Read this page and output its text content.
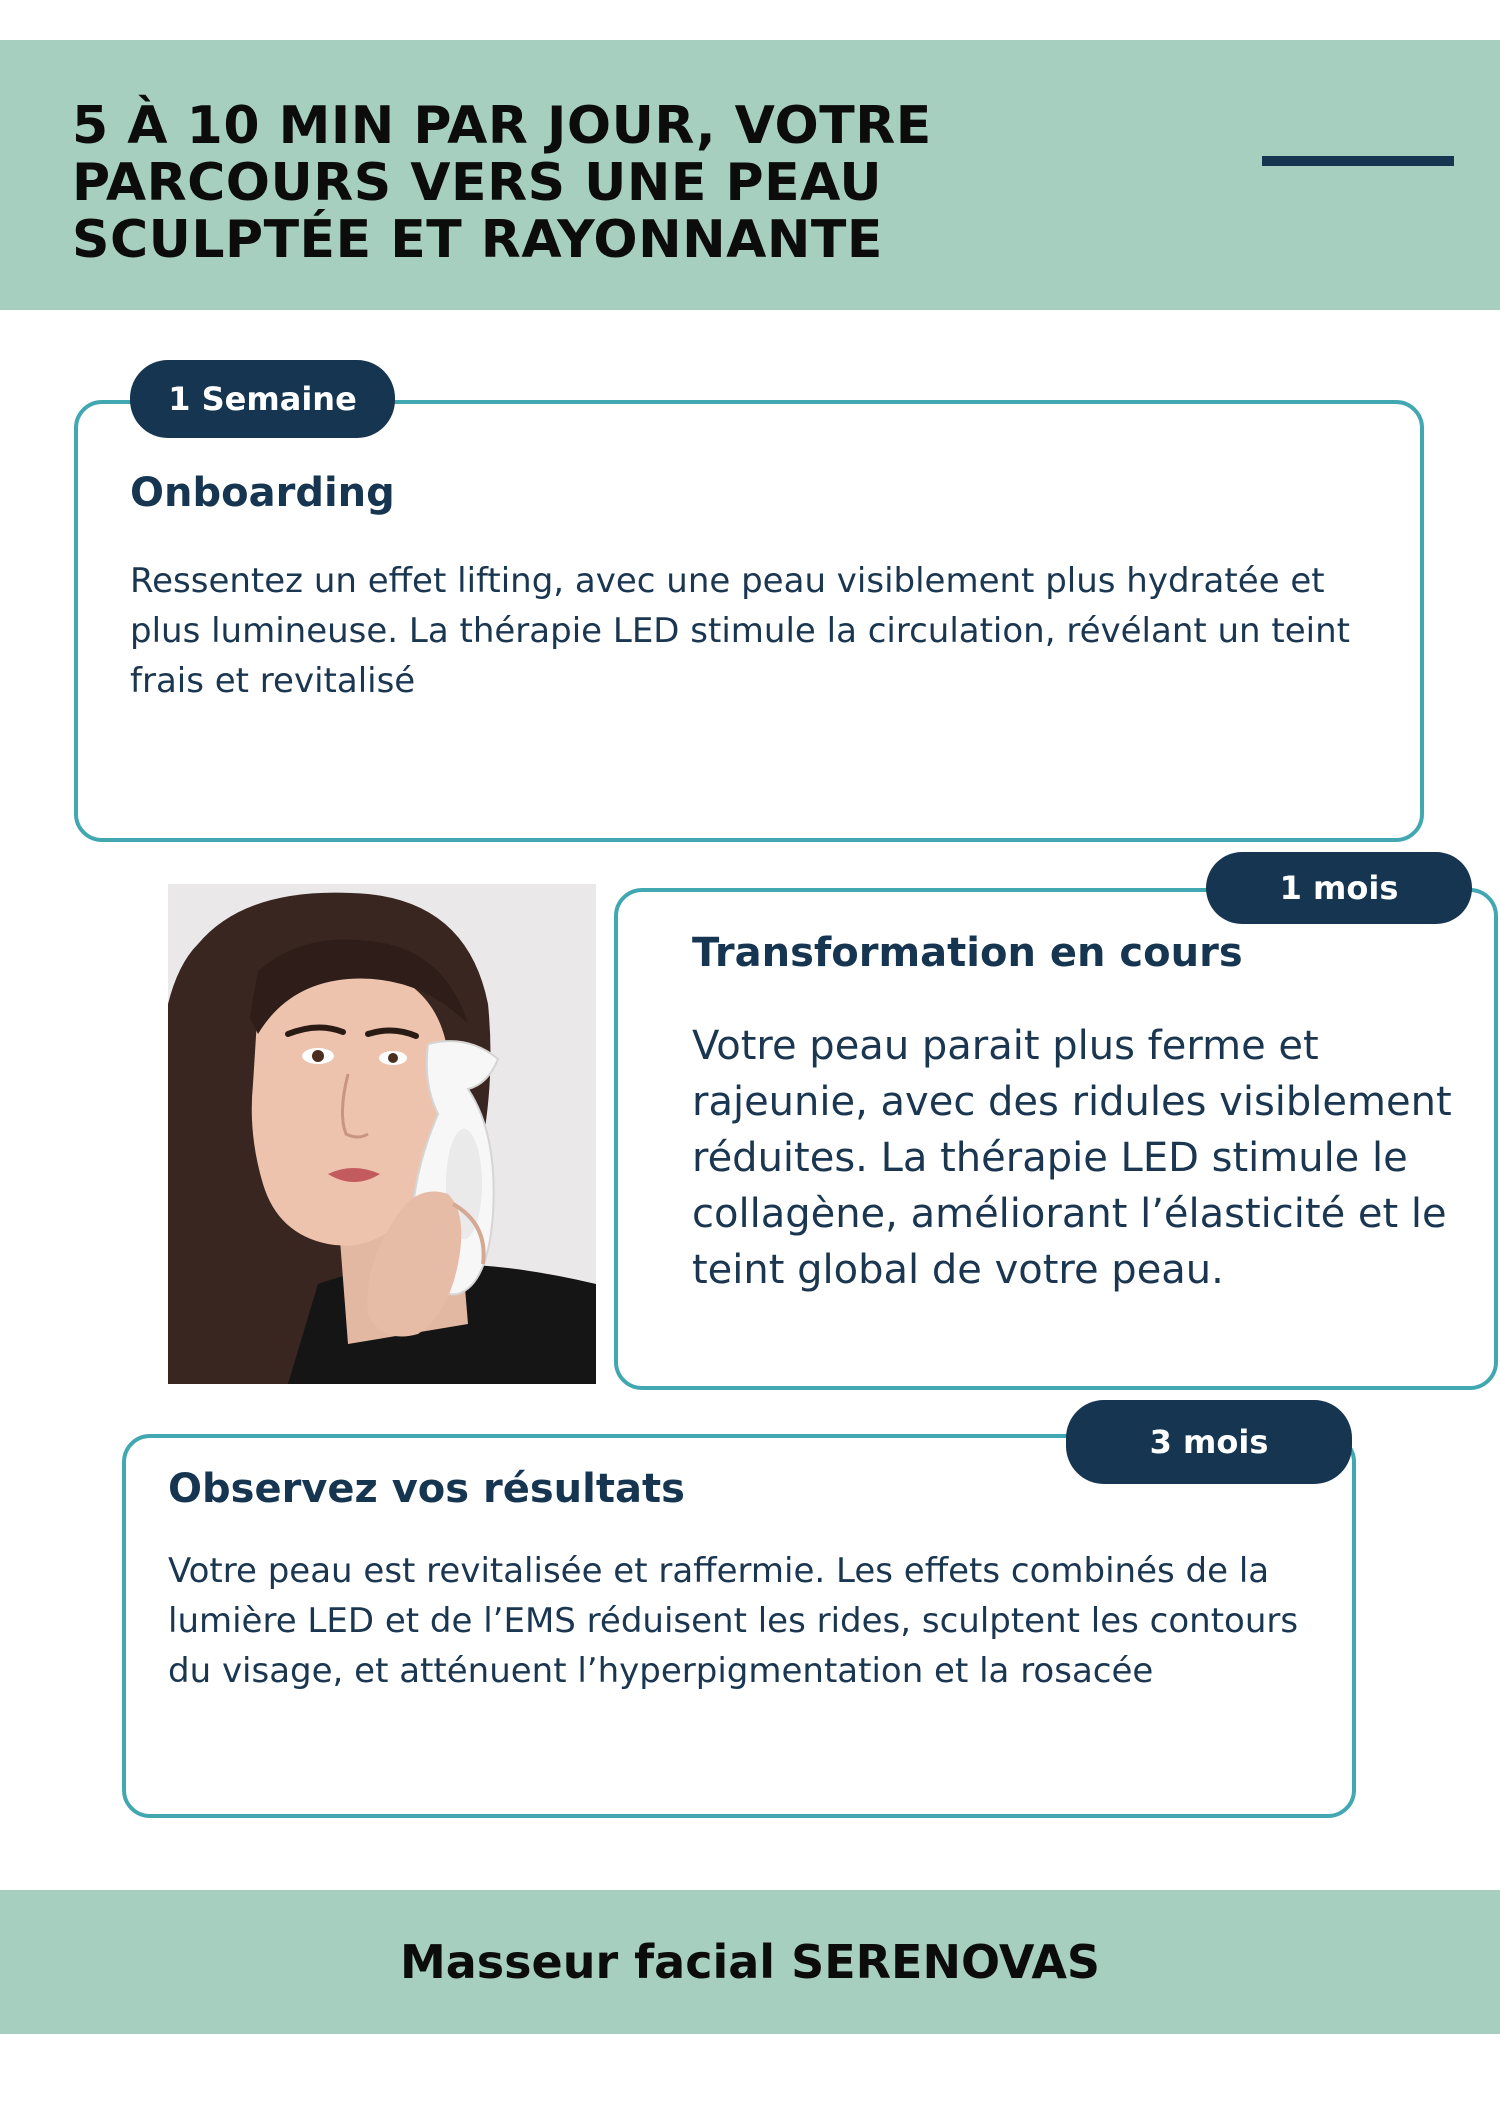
5 À 10 MIN PAR JOUR, VOTRE PARCOURS VERS UNE PEAU SCULPTÉE ET RAYONNANTE
1 Semaine
Onboarding

Ressentez un effet lifting, avec une peau visiblement plus hydratée et plus lumineuse. La thérapie LED stimule la circulation, révélant un teint frais et revitalisé

1 mois
Transformation en cours

Votre peau parait plus ferme et rajeunie, avec des ridules visiblement réduites. La thérapie LED stimule le collagène, améliorant l’élasticité et le teint global de votre peau.

3 mois
Observez vos résultats

Votre peau est revitalisée et raffermie. Les effets combinés de la lumière LED et de l’EMS réduisent les rides, sculptent les contours du visage, et atténuent l’hyperpigmentation et la rosacée

Masseur facial SERENOVAS
